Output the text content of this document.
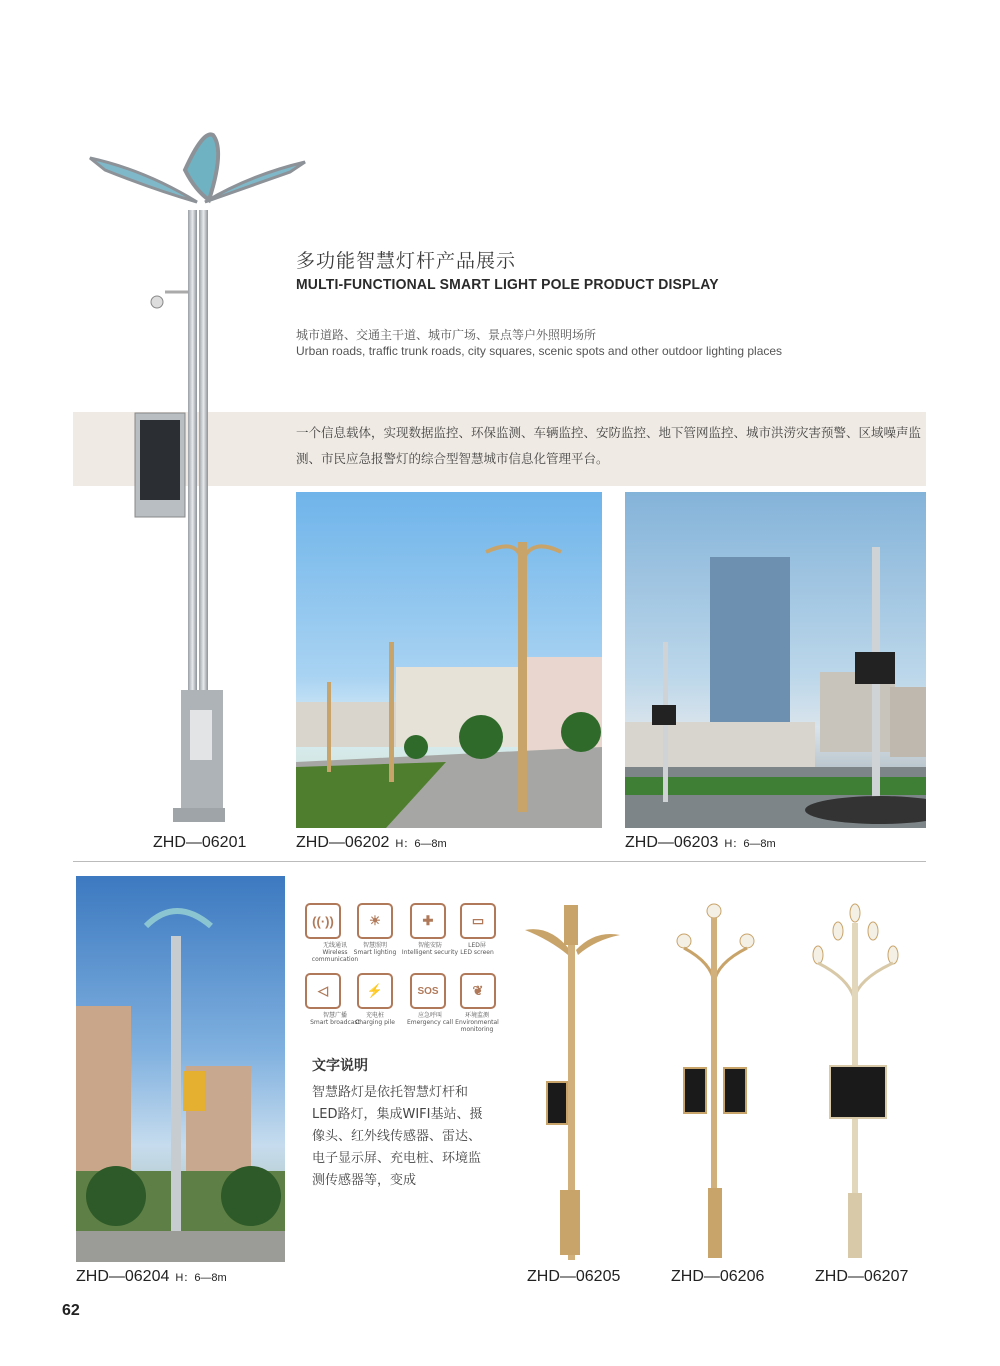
多功能智慧灯杆产品展示
MULTI-FUNCTIONAL SMART LIGHT POLE PRODUCT DISPLAY
城市道路、交通主干道、城市广场、景点等户外照明场所
Urban roads, traffic trunk roads, city squares, scenic spots and other outdoor lighting places
一个信息载体，实现数据监控、环保监测、车辆监控、安防监控、地下管网监控、城市洪涝灾害预警、区域噪声监测、市民应急报警灯的综合型智慧城市信息化管理平台。
ZHD—06201	ZHD—06202 H：6—8m	ZHD—06203 H：6—8m
ZHD—06204 H：6—8m
((·))
无线通讯
Wireless communication
☀
智慧照明
Smart lighting
✚
智能安防
Intelligent security
▭
LED屏
LED screen
◁
智慧广播
Smart broadcast
⚡
充电桩
Charging pile
SOS
应急呼叫
Emergency call
❦
环境监测
Environmental monitoring
文字说明
智慧路灯是依托智慧灯杆和LED路灯，集成WIFI基站、摄像头、红外线传感器、雷达、电子显示屏、充电桩、环境监测传感器等，变成
ZHD—06205	ZHD—06206	ZHD—06207
62
